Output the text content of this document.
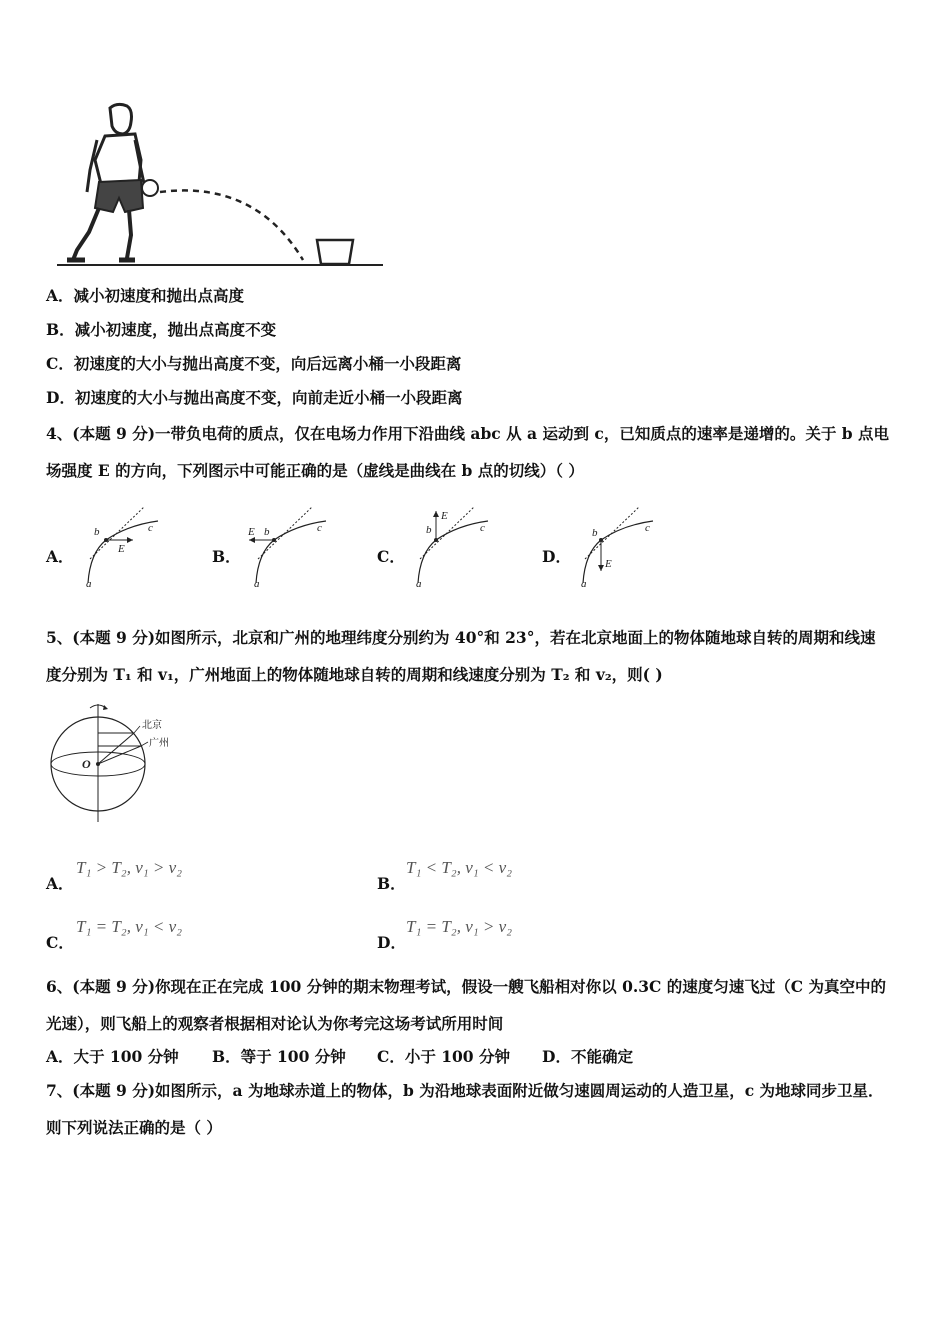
A．减小初速度和抛出点高度
B．减小初速度，抛出点高度不变
C．初速度的大小与抛出高度不变，向后远离小桶一小段距离
D．初速度的大小与抛出高度不变，向前走近小桶一小段距离
4、(本题 9 分)一带负电荷的质点，仅在电场力作用下沿曲线 abc 从 a 运动到 c，已知质点的速率是递增的。关于 b 点电
场强度 E 的方向，下列图示中可能正确的是（虚线是曲线在 b 点的切线）（ ）
A．	B．	C．	D．
a
b	c
E
a
b	c
E
a
b	c
E
a
b	c
E
5、(本题 9 分)如图所示，北京和广州的地理纬度分别约为 40°和 23°，若在北京地面上的物体随地球自转的周期和线速
度分别为 T₁ 和 v₁，广州地面上的物体随地球自转的周期和线速度分别为 T₂ 和 v₂，则( )
北京
广州
O
A．
T₁ > T₂, v₁ > v₂
B．
T₁ < T₂, v₁ < v₂
C．
T₁ = T₂, v₁ < v₂
D．
T₁ = T₂, v₁ > v₂
6、(本题 9 分)你现在正在完成 100 分钟的期末物理考试，假设一艘飞船相对你以 0.3C 的速度匀速飞过（C 为真空中的
光速），则飞船上的观察者根据相对论认为你考完这场考试所用时间
A．大于 100 分钟 B．等于 100 分钟 C．小于 100 分钟 D．不能确定
7、(本题 9 分)如图所示，a 为地球赤道上的物体，b 为沿地球表面附近做匀速圆周运动的人造卫星，c 为地球同步卫星．
则下列说法正确的是（ ）
